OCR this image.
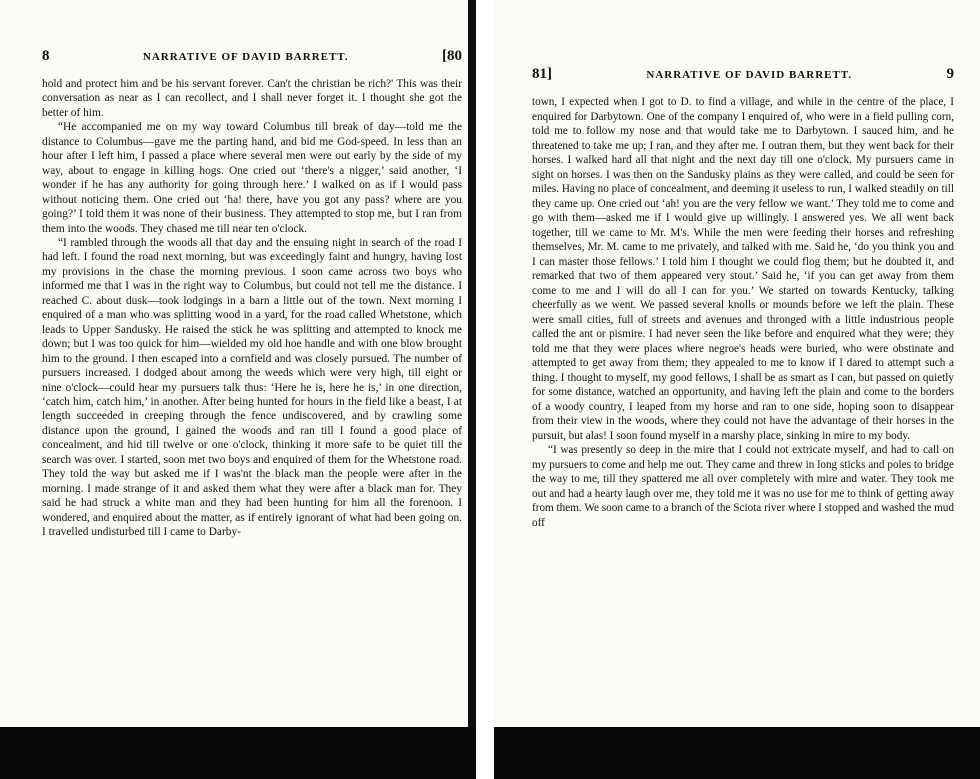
8	NARRATIVE OF DAVID BARRETT.	[80

hold and protect him and be his servant forever. Can't the christian be rich?' This was their conversation as near as I can recollect, and I shall never forget it. I thought she got the better of him.

“He accompanied me on my way toward Columbus till break of day—told me the distance to Columbus—gave me the parting hand, and bid me God-speed. In less than an hour after I left him, I passed a place where several men were out early by the side of my way, about to engage in killing hogs. One cried out ‘there's a nigger,’ said another, ‘I wonder if he has any authority for going through here.’ I walked on as if I would pass without noticing them. One cried out ‘ha! there, have you got any pass? where are you going?’ I told them it was none of their business. They attempted to stop me, but I ran from them into the woods. They chased me till near ten o'clock.

“I rambled through the woods all that day and the ensuing night in search of the road I had left. I found the road next morning, but was exceedingly faint and hungry, having lost my provisions in the chase the morning previous. I soon came across two boys who informed me that I was in the right way to Columbus, but could not tell me the distance. I reached C. about dusk—took lodgings in a barn a little out of the town. Next morning I enquired of a man who was splitting wood in a yard, for the road called Whetstone, which leads to Upper Sandusky. He raised the stick he was splitting and attempted to knock me down; but I was too quick for him—wielded my old hoe handle and with one blow brought him to the ground. I then escaped into a cornfield and was closely pursued. The number of pursuers increased. I dodged about among the weeds which were very high, till eight or nine o'clock—could hear my pursuers talk thus: ‘Here he is, here he is,’ in one direction, ‘catch him, catch him,’ in another. After being hunted for hours in the field like a beast, I at length succeeded in creeping through the fence undiscovered, and by crawling some distance upon the ground, I gained the woods and ran till I found a good place of concealment, and hid till twelve or one o'clock, thinking it more safe to be quiet till the search was over. I started, soon met two boys and enquired of them for the Whetstone road. They told the way but asked me if I was'nt the black man the people were after in the morning. I made strange of it and asked them what they were after a black man for. They said he had struck a white man and they had been hunting for him all the forenoon. I wondered, and enquired about the matter, as if entirely ignorant of what had been going on. I travelled undisturbed till I came to Darby-

81]	NARRATIVE OF DAVID BARRETT.	9

town, I expected when I got to D. to find a village, and while in the centre of the place, I enquired for Darbytown. One of the company I enquired of, who were in a field pulling corn, told me to follow my nose and that would take me to Darbytown. I sauced him, and he threatened to take me up; I ran, and they after me. I outran them, but they went back for their horses. I walked hard all that night and the next day till one o'clock. My pursuers came in sight on horses. I was then on the Sandusky plains as they were called, and could be seen for miles. Having no place of concealment, and deeming it useless to run, I walked steadily on till they came up. One cried out ‘ah! you are the very fellow we want.’ They told me to come and go with them—asked me if I would give up willingly. I answered yes. We all went back together, till we came to Mr. M's. While the men were feeding their horses and refreshing themselves, Mr. M. came to me privately, and talked with me. Said he, ‘do you think you and I can master those fellows.’ I told him I thought we could flog them; but he doubted it, and remarked that two of them appeared very stout.’ Said he, ‘if you can get away from them come to me and I will do all I can for you.’ We started on towards Kentucky, talking cheerfully as we went. We passed several knolls or mounds before we left the plain. These were small cities, full of streets and avenues and thronged with a little industrious people called the ant or pismire. I had never seen the like before and enquired what they were; they told me that they were places where negroe's heads were buried, who were obstinate and attempted to get away from them; they appealed to me to know if I dared to attempt such a thing. I thought to myself, my good fellows, I shall be as smart as I can, but passed on quietly for some distance, watched an opportunity, and having left the plain and come to the borders of a woody country, I leaped from my horse and ran to one side, hoping soon to disappear from their view in the woods, where they could not have the advantage of their horses in the pursuit, but alas! I soon found myself in a marshy place, sinking in mire to my body.

“I was presently so deep in the mire that I could not extricate myself, and had to call on my pursuers to come and help me out. They came and threw in long sticks and poles to bridge the way to me, till they spattered me all over completely with mire and water. They took me out and had a hearty laugh over me, they told me it was no use for me to think of getting away from them. We soon came to a branch of the Sciota river where I stopped and washed the mud off
